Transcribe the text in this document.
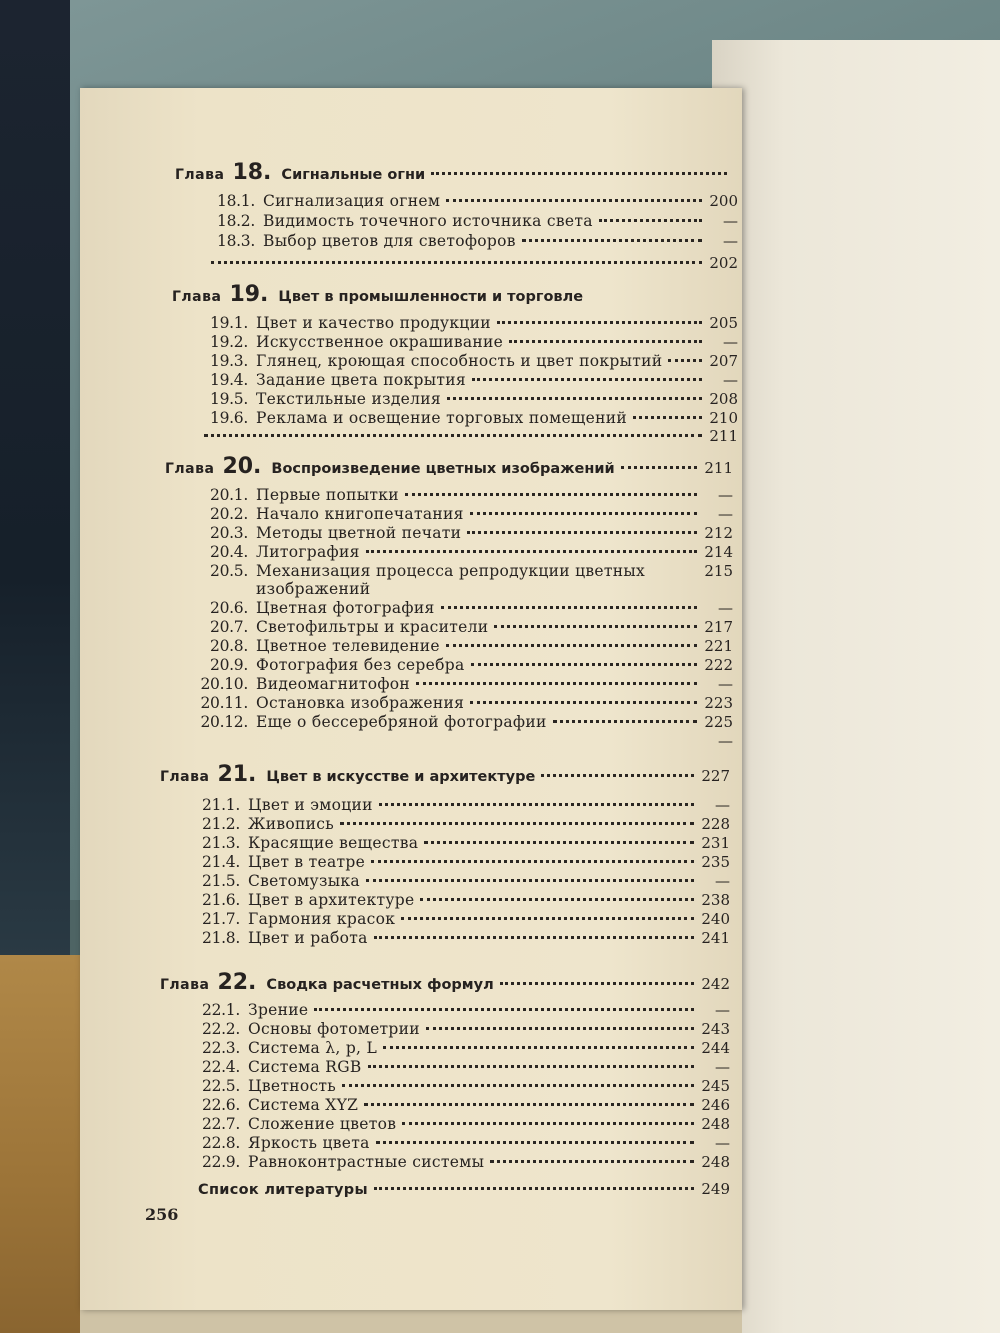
Глава 18. Сигнальные огни
18.1. Сигнализация огнем	200
18.2. Видимость точечного источника света	—
18.3. Выбор цветов для светофоров	—
202
Глава 19. Цвет в промышленности и торговле
19.1. Цвет и качество продукции	205
19.2. Искусственное окрашивание	—
19.3. Глянец, кроющая способность и цвет покрытий	207
19.4. Задание цвета покрытия	—
19.5. Текстильные изделия	208
19.6. Реклама и освещение торговых помещений	210
211
Глава 20. Воспроизведение цветных изображений	211
20.1. Первые попытки	—
20.2. Начало книгопечатания	—
20.3. Методы цветной печати	212
20.4. Литография	214
20.5. Механизация процесса репродукции цветных	215
изображений
20.6. Цветная фотография	—
20.7. Светофильтры и красители	217
20.8. Цветное телевидение	221
20.9. Фотография без серебра	222
20.10. Видеомагнитофон	—
20.11. Остановка изображения	223
20.12. Еще о бессеребряной фотографии	225
—
Глава 21. Цвет в искусстве и архитектуре	227
21.1. Цвет и эмоции	—
21.2. Живопись	228
21.3. Красящие вещества	231
21.4. Цвет в театре	235
21.5. Светомузыка	—
21.6. Цвет в архитектуре	238
21.7. Гармония красок	240
21.8. Цвет и работа	241
Глава 22. Сводка расчетных формул	242
22.1. Зрение	—
22.2. Основы фотометрии	243
22.3. Система λ, p, L	244
22.4. Система RGB	—
22.5. Цветность	245
22.6. Система XYZ	246
22.7. Сложение цветов	248
22.8. Яркость цвета	—
22.9. Равноконтрастные системы	248
Список литературы	249
256
